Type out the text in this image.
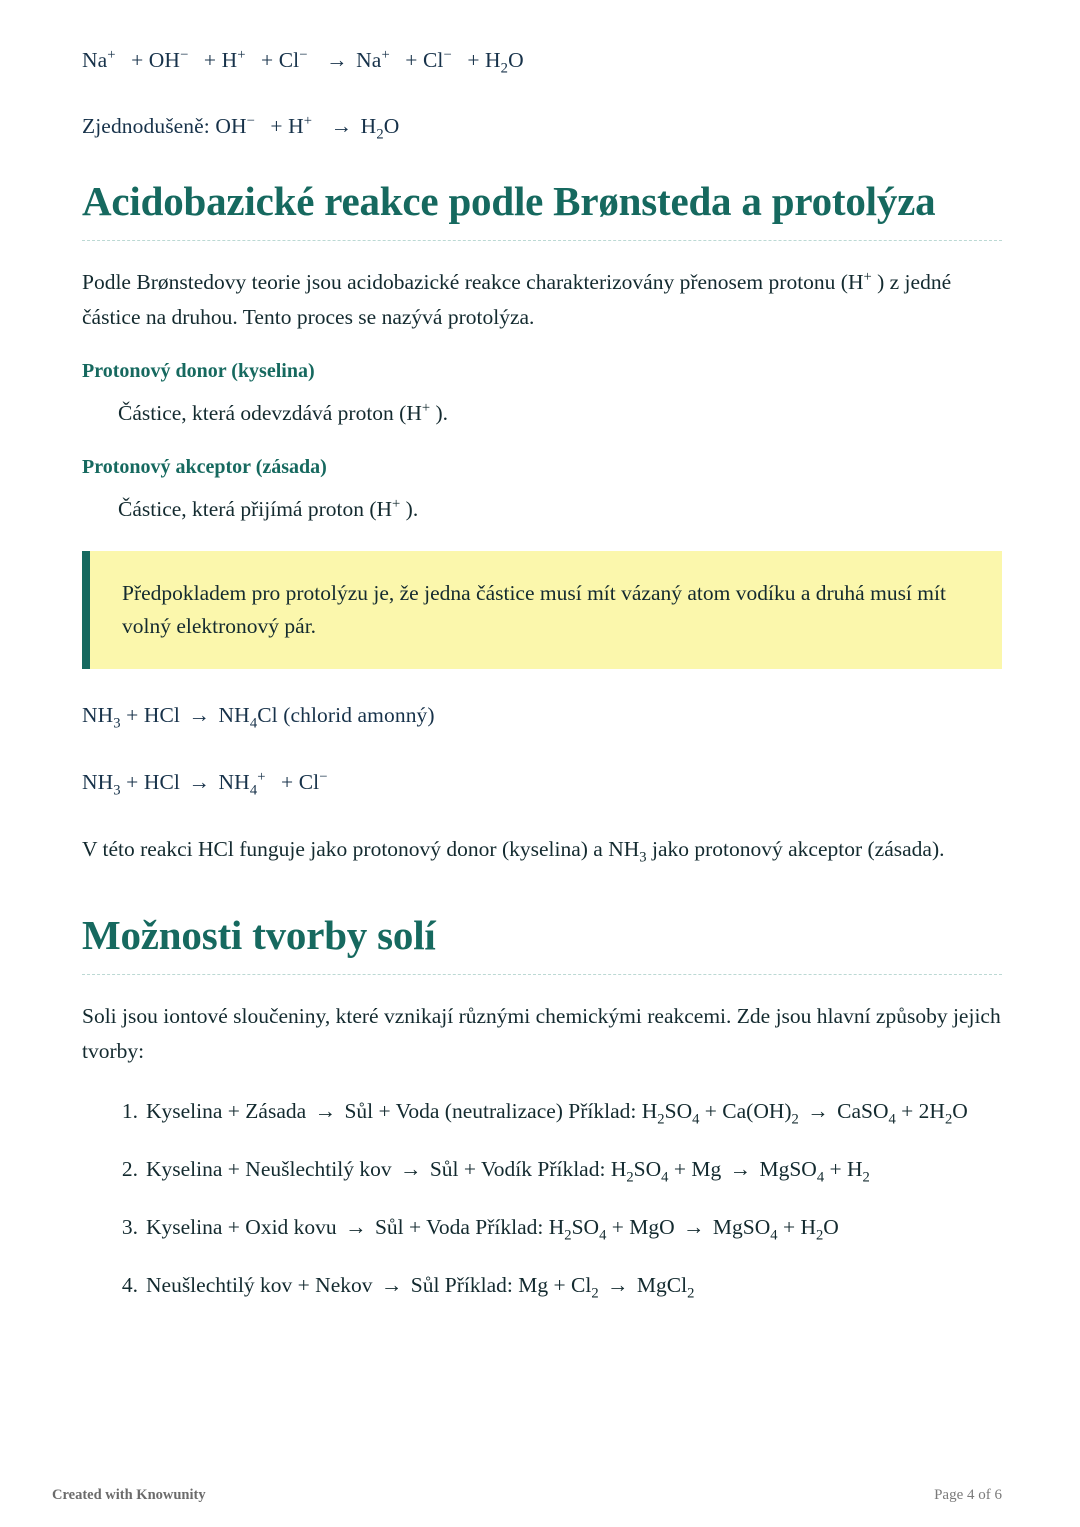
$Na^+ + OH^- + H^+ + Cl^- \to Na^+ + Cl^- + H_2O$

Zjednodušeně: $OH^- + H^+ \to H_2O$

Acidobazické reakce podle Brønsteda a protolýza

Podle Brønstedovy teorie jsou acidobazické reakce charakterizovány přenosem protonu (H+ ) z jedné částice na druhou. Tento proces se nazývá protolýza.

Protonový donor (kyselina)
Částice, která odevzdává proton (H+ ).
Protonový akceptor (zásada)
Částice, která přijímá proton (H+ ).
Předpokladem pro protolýzu je, že jedna částice musí mít vázaný atom vodíku a druhá musí mít volný elektronový pár.

$NH_3$ + HCl → $NH_4Cl$ (chlorid amonný)

$NH_3$ + HCl → $NH_4^+ + Cl^-$

V této reakci HCl funguje jako protonový donor (kyselina) a $NH_3$ jako protonový akceptor (zásada).

Možnosti tvorby solí

Soli jsou iontové sloučeniny, které vznikají různými chemickými reakcemi. Zde jsou hlavní způsoby jejich tvorby:

Kyselina + Zásada → Sůl + Voda (neutralizace) Příklad: $H_2SO_4 + Ca(OH)_2$ → CaSO$_4$ + $2H_2O$
Kyselina + Neušlechtilý kov → Sůl + Vodík Příklad: $H_2SO_4 + Mg$ → MgSO$_4$ + $H_2$
Kyselina + Oxid kovu → Sůl + Voda Příklad: $H_2SO_4$ + MgO → MgSO$_4$ + $H_2O$
Neušlechtilý kov + Nekov → Sůl Příklad: $Mg + Cl_2$ → MgCl$_2$
Created with Knowunity	Page 4 of 6
